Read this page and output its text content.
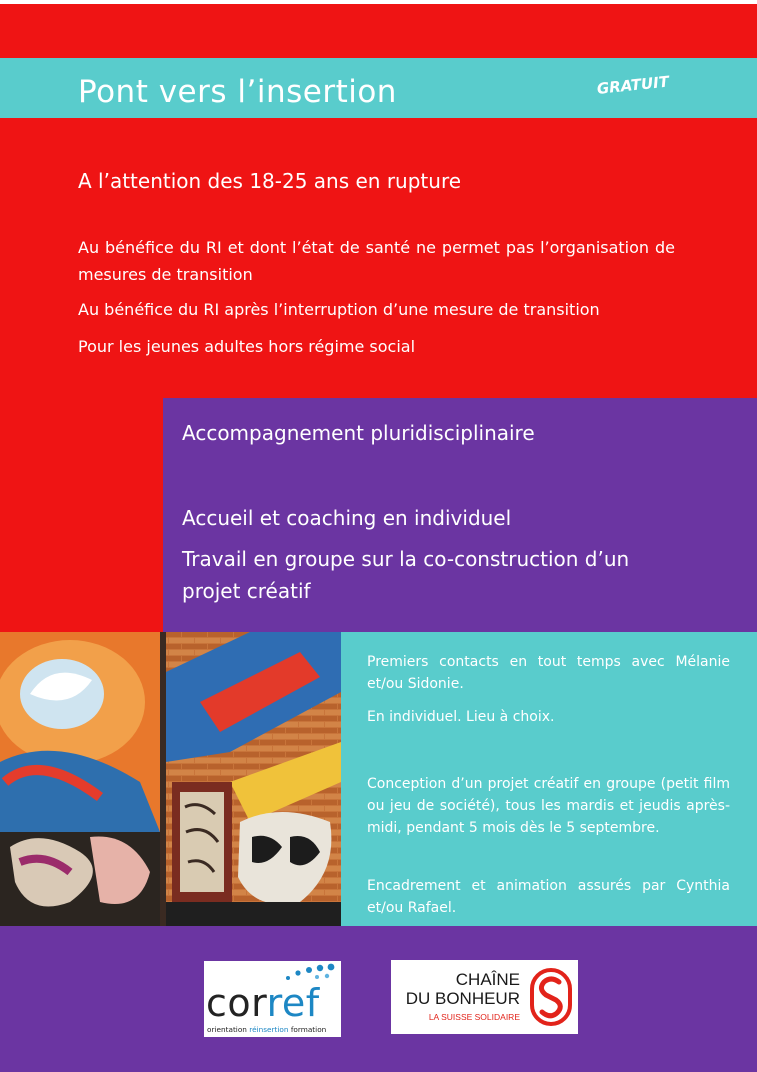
Pont vers l’insertion	GRATUIT
A l’attention des 18-25 ans en rupture
Au bénéfice du RI et dont l’état de santé ne permet pas l’organisation de mesures de transition
Au bénéfice du RI après l’interruption d’une mesure de transition
Pour les jeunes adultes hors régime social
Accompagnement pluridisciplinaire
Accueil et coaching en individuel
Travail en groupe sur la co-construction d’un
projet créatif
Premiers contacts en tout temps avec Mélanie et/ou Sidonie.
En individuel. Lieu à choix.
Conception d’un projet créatif en groupe (petit film ou jeu de société), tous les mardis et jeudis après-midi, pendant 5 mois dès le 5 septembre.
Encadrement et animation assurés par Cynthia et/ou Rafael.
corref
orientation réinsertion formation
CHAÎNE
DU BONHEUR
LA SUISSE SOLIDAIRE
